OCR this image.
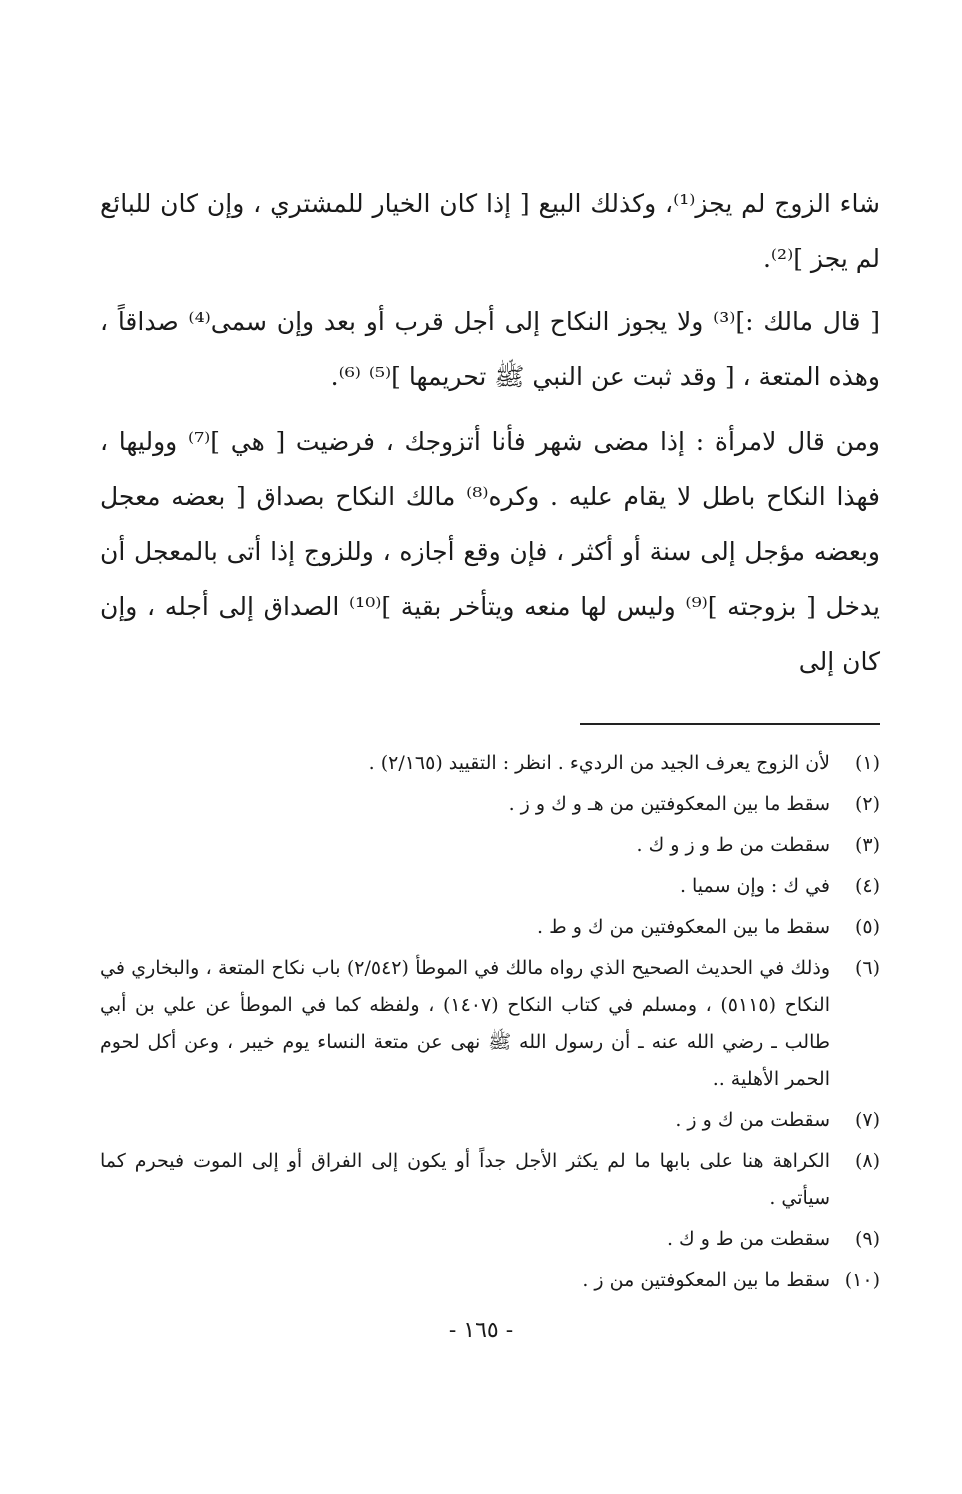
شاء الزوج لم يجز⁽¹⁾، وكذلك البيع [ إذا كان الخيار للمشتري ، وإن كان للبائع لم يجز ]⁽²⁾.

[ قال مالك :]⁽³⁾ ولا يجوز النكاح إلى أجل قرب أو بعد وإن سمى⁽⁴⁾ صداقاً ، وهذه المتعة ، [ وقد ثبت عن النبي ﷺ تحريمها ]⁽⁵⁾ ⁽⁶⁾.

ومن قال لامرأة : إذا مضى شهر فأنا أتزوجك ، فرضيت [ هي ]⁽⁷⁾ ووليها ، فهذا النكاح باطل لا يقام عليه . وكره⁽⁸⁾ مالك النكاح بصداق [ بعضه معجل وبعضه مؤجل إلى سنة أو أكثر ، فإن وقع أجازه ، وللزوج إذا أتى بالمعجل أن يدخل [ بزوجته ]⁽⁹⁾ وليس لها منعه ويتأخر بقية ]⁽¹⁰⁾ الصداق إلى أجله ، وإن كان إلى

(١)
لأن الزوج يعرف الجيد من الرديء . انظر : التقييد (٢/١٦٥) .
(٢)
سقط ما بين المعكوفتين من هـ و ك و ز .
(٣)
سقطت من ط و ز و ك .
(٤)
في ك : وإن سميا .
(٥)
سقط ما بين المعكوفتين من ك و ط .
(٦)
وذلك في الحديث الصحيح الذي رواه مالك في الموطأ (٢/٥٤٢) باب نكاح المتعة ، والبخاري في النكاح (٥١١٥) ، ومسلم في كتاب النكاح (١٤٠٧) ، ولفظه كما في الموطأ عن علي بن أبي طالب ـ رضي الله عنه ـ أن رسول الله ﷺ نهى عن متعة النساء يوم خيبر ، وعن أكل لحوم الحمر الأهلية ..
(٧)
سقطت من ك و ز .
(٨)
الكراهة هنا على بابها ما لم يكثر الأجل جداً أو يكون إلى الفراق أو إلى الموت فيحرم كما سيأتي .
(٩)
سقطت من ط و ك .
(١٠)
سقط ما بين المعكوفتين من ز .
- ١٦٥ -
